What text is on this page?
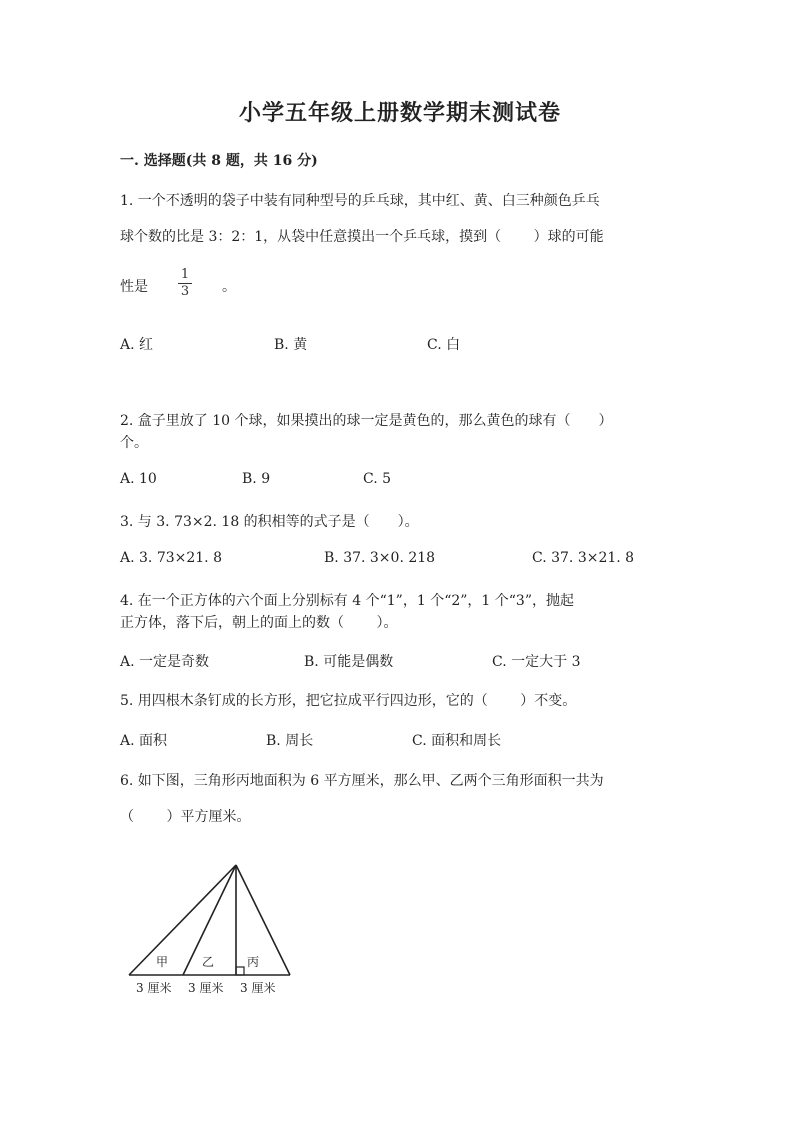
小学五年级上册数学期末测试卷
一. 选择题(共 8 题，共 16 分)
1. 一个不透明的袋子中装有同种型号的乒乓球，其中红、黄、白三种颜色乒乓
球个数的比是 3：2：1，从袋中任意摸出一个乒乓球，摸到（　　 ）球的可能
性是
1
3 。
A. 红	B. 黄	C. 白
2. 盒子里放了 10 个球，如果摸出的球一定是黄色的，那么黄色的球有（　　）
个。
A. 10	B. 9	C. 5
3. 与 3. 73×2. 18 的积相等的式子是（　　）。
A. 3. 73×21. 8	B. 37. 3×0. 218	C. 37. 3×21. 8
4. 在一个正方体的六个面上分别标有 4 个“1”，1 个“2”，1 个“3”，抛起
正方体，落下后，朝上的面上的数（　　 ）。
A. 一定是奇数	B. 可能是偶数	C. 一定大于 3
5. 用四根木条钉成的长方形，把它拉成平行四边形，它的（　　 ）不变。
A. 面积	B. 周长	C. 面积和周长
6. 如下图，三角形丙地面积为 6 平方厘米，那么甲、乙两个三角形面积一共为
（　　 ）平方厘米。
甲	乙	丙
3 厘米 3 厘米 3 厘米
